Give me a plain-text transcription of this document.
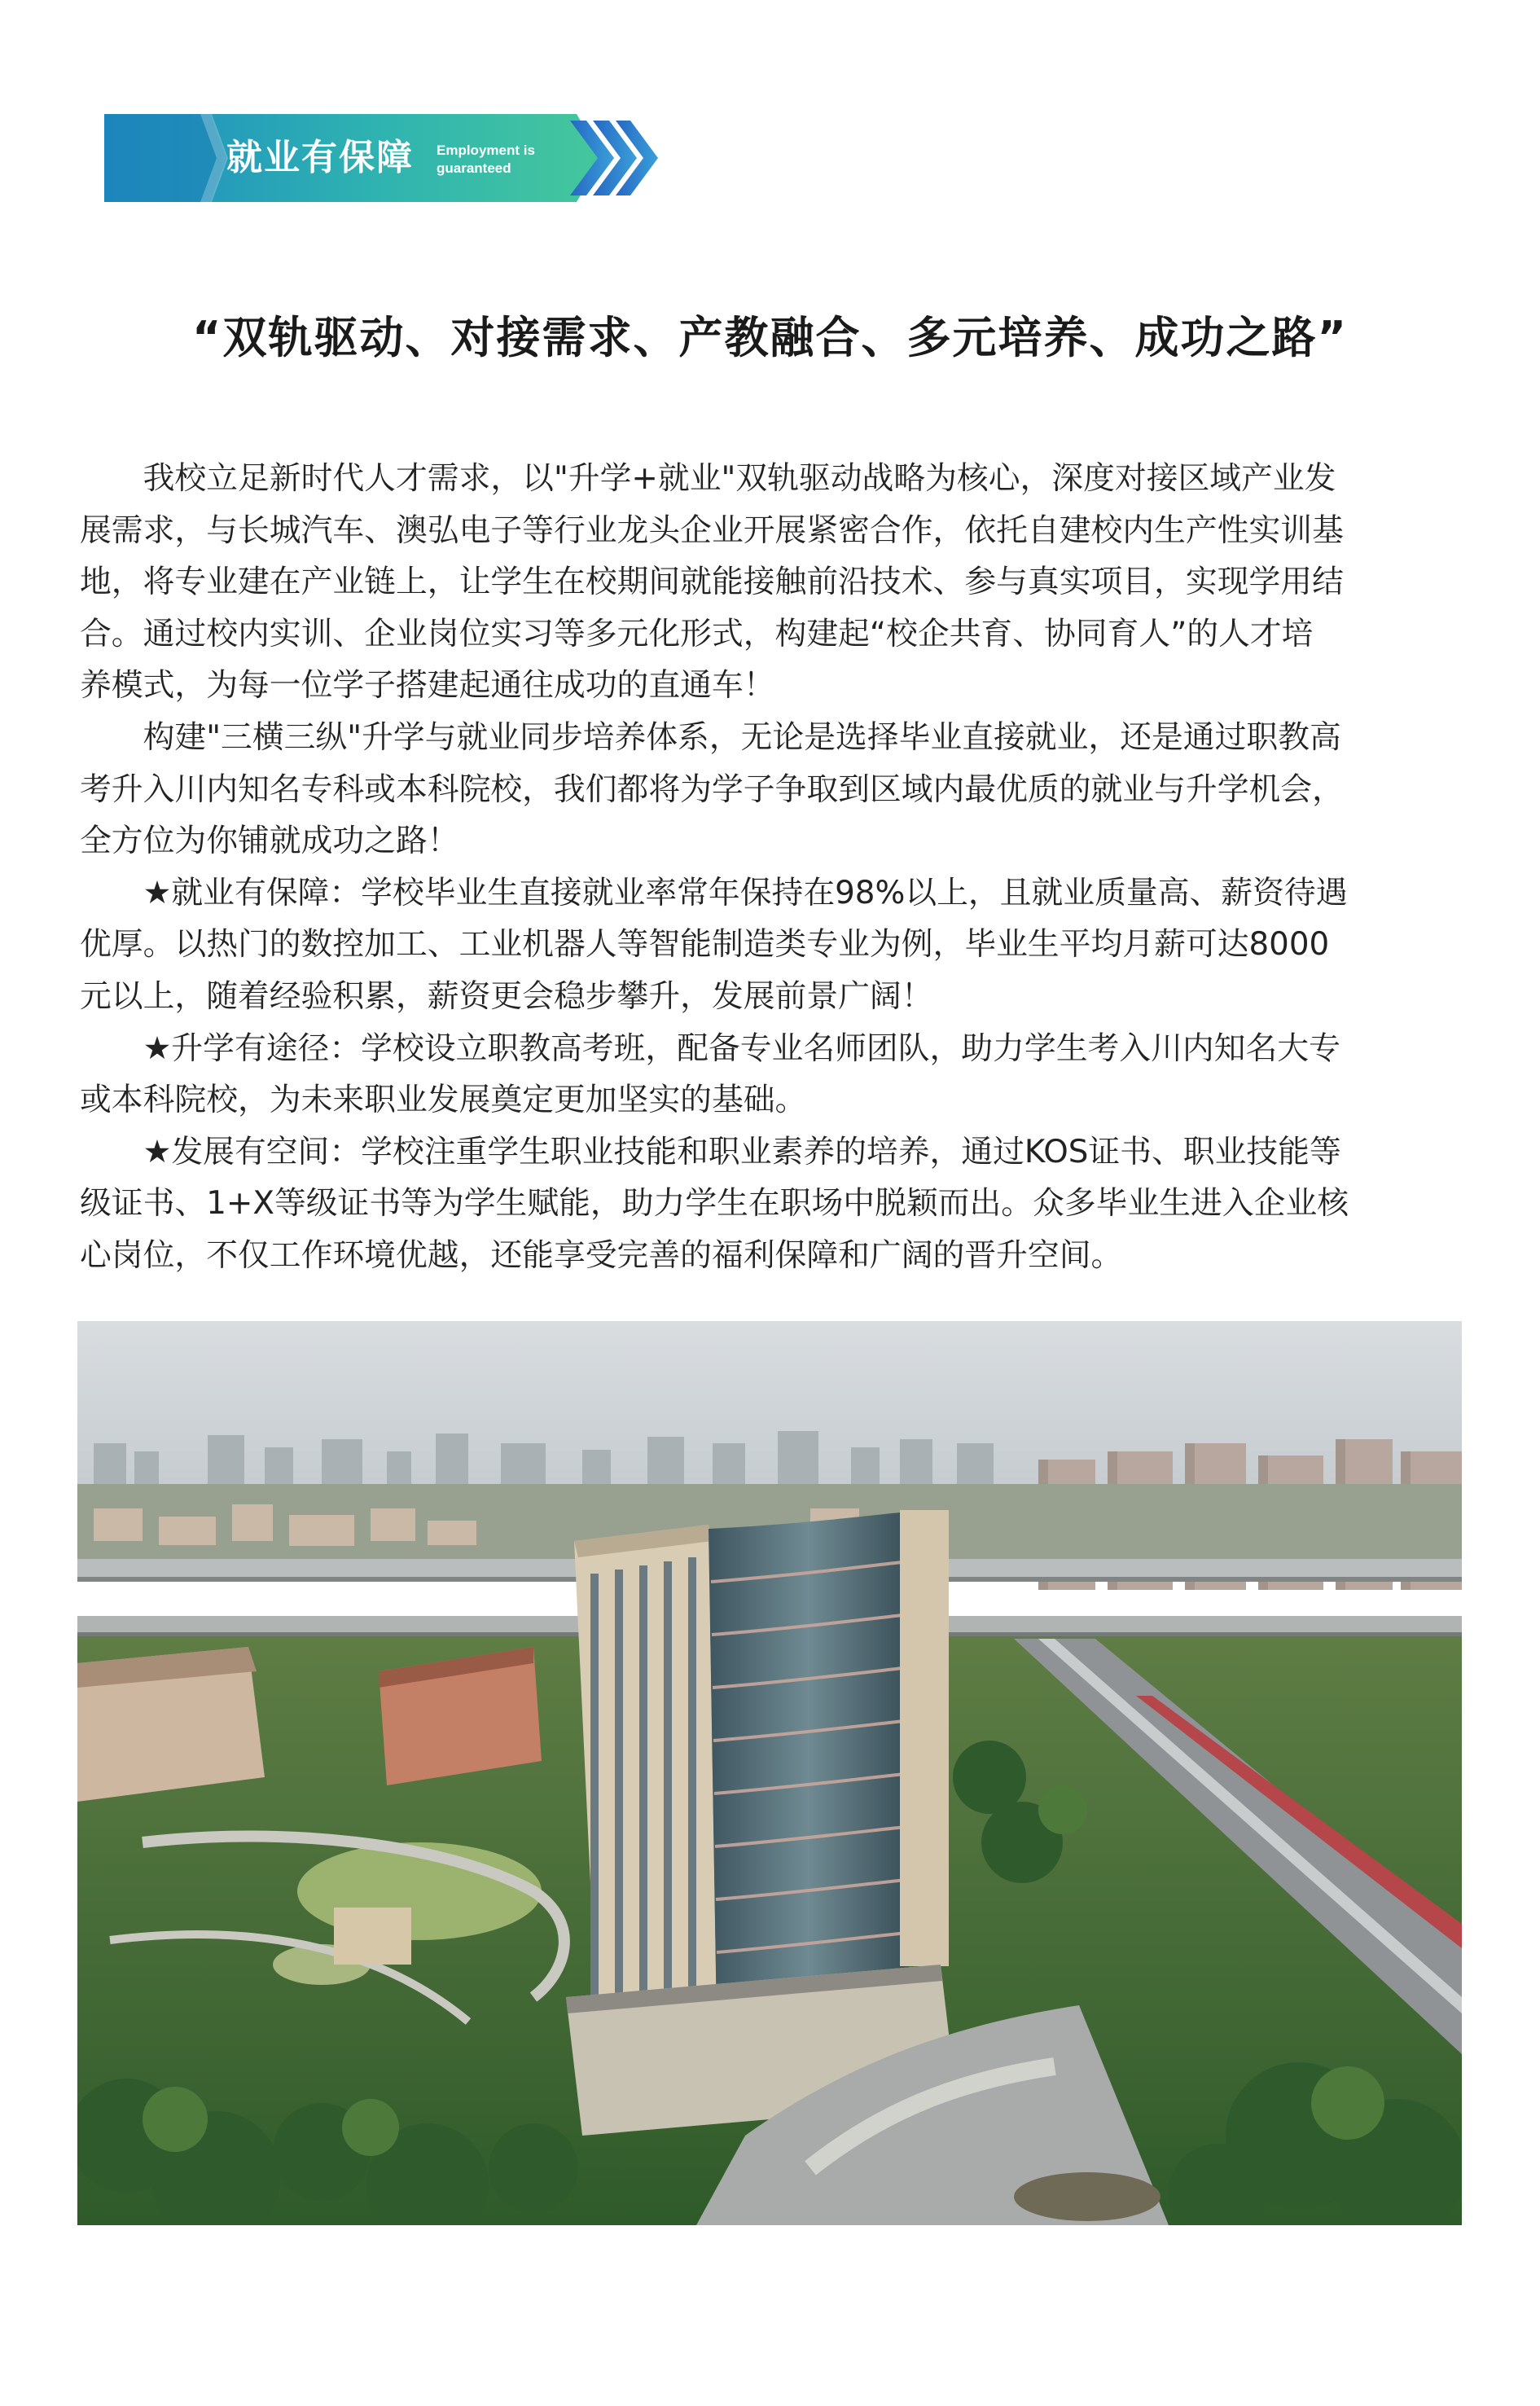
就业有保障 Employment is guaranteed
“双轨驱动、对接需求、产教融合、多元培养、成功之路”

我校立足新时代人才需求，以"升学+就业"双轨驱动战略为核心，深度对接区域产业发
展需求，与长城汽车、澳弘电子等行业龙头企业开展紧密合作，依托自建校内生产性实训基
地，将专业建在产业链上，让学生在校期间就能接触前沿技术、参与真实项目，实现学用结
合。通过校内实训、企业岗位实习等多元化形式，构建起“校企共育、协同育人”的人才培
养模式，为每一位学子搭建起通往成功的直通车！

构建"三横三纵"升学与就业同步培养体系，无论是选择毕业直接就业，还是通过职教高
考升入川内知名专科或本科院校，我们都将为学子争取到区域内最优质的就业与升学机会，
全方位为你铺就成功之路！

★就业有保障：学校毕业生直接就业率常年保持在98%以上，且就业质量高、薪资待遇
优厚。以热门的数控加工、工业机器人等智能制造类专业为例，毕业生平均月薪可达8000
元以上，随着经验积累，薪资更会稳步攀升，发展前景广阔！

★升学有途径：学校设立职教高考班，配备专业名师团队，助力学生考入川内知名大专
或本科院校，为未来职业发展奠定更加坚实的基础。

★发展有空间：学校注重学生职业技能和职业素养的培养，通过KOS证书、职业技能等
级证书、1+X等级证书等为学生赋能，助力学生在职场中脱颖而出。众多毕业生进入企业核
心岗位，不仅工作环境优越，还能享受完善的福利保障和广阔的晋升空间。
